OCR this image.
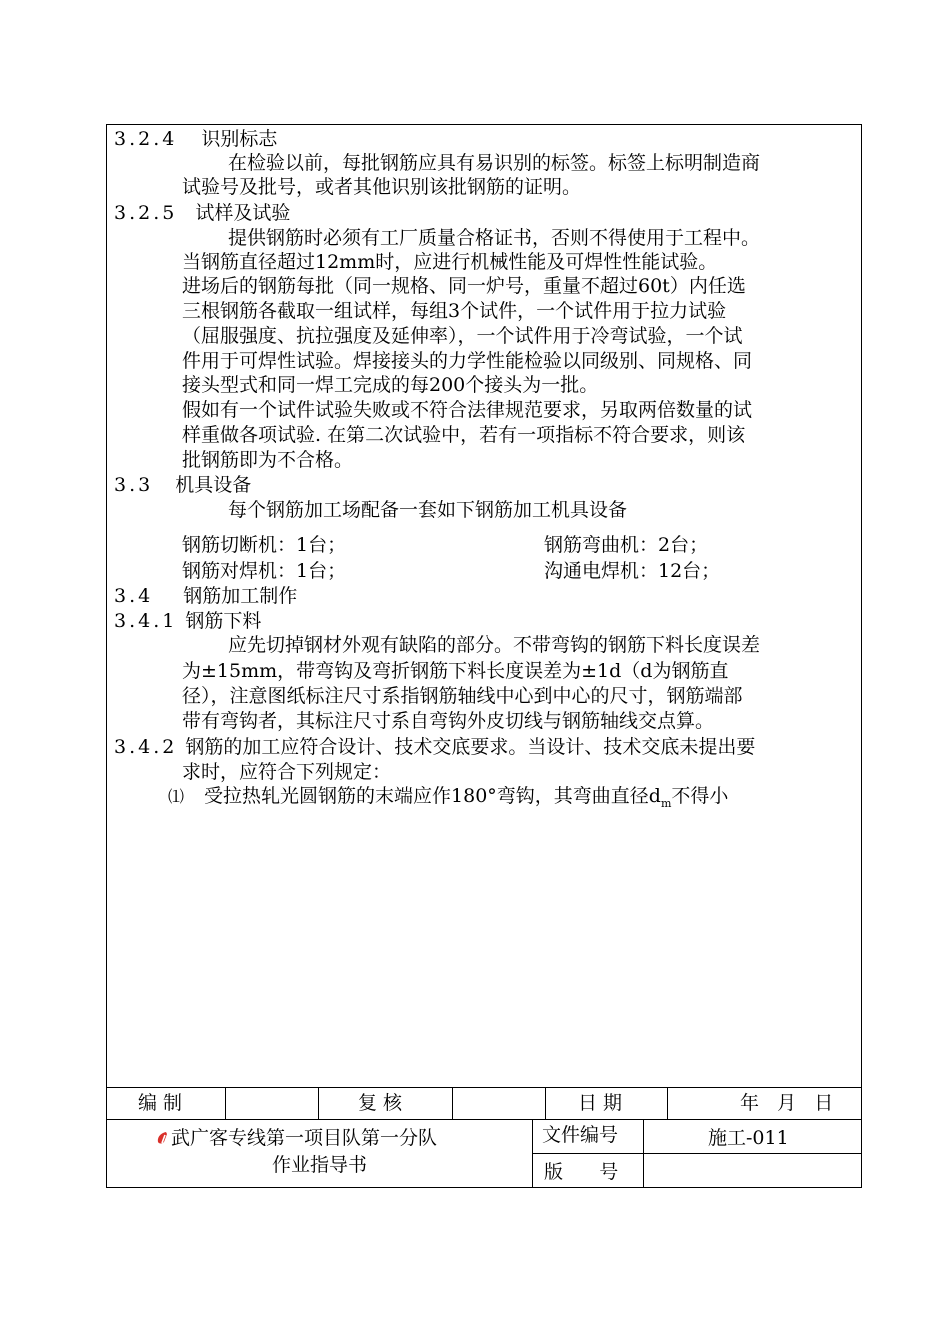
3.2.4 识别标志
在检验以前，每批钢筋应具有易识别的标签。标签上标明制造商
试验号及批号，或者其他识别该批钢筋的证明。
3.2.5 试样及试验
提供钢筋时必须有工厂质量合格证书，否则不得使用于工程中。
当钢筋直径超过12mm时，应进行机械性能及可焊性性能试验。
进场后的钢筋每批（同一规格、同一炉号，重量不超过60t）内任选
三根钢筋各截取一组试样，每组3个试件，一个试件用于拉力试验
（屈服强度、抗拉强度及延伸率），一个试件用于冷弯试验，一个试
件用于可焊性试验。焊接接头的力学性能检验以同级别、同规格、同
接头型式和同一焊工完成的每200个接头为一批。
假如有一个试件试验失败或不符合法律规范要求，另取两倍数量的试
样重做各项试验. 在第二次试验中，若有一项指标不符合要求，则该
批钢筋即为不合格。
3.3 机具设备
每个钢筋加工场配备一套如下钢筋加工机具设备
钢筋切断机：1台；	钢筋弯曲机：2台；
钢筋对焊机：1台；	沟通电焊机：12台；
3.4 钢筋加工制作
3.4.1 钢筋下料
应先切掉钢材外观有缺陷的部分。不带弯钩的钢筋下料长度误差
为±15mm，带弯钩及弯折钢筋下料长度误差为±1d（d为钢筋直
径），注意图纸标注尺寸系指钢筋轴线中心到中心的尺寸，钢筋端部
带有弯钩者，其标注尺寸系自弯钩外皮切线与钢筋轴线交点算。
3.4.2 钢筋的加工应符合设计、技术交底要求。当设计、技术交底未提出要
求时，应符合下列规定：
⑴ 受拉热轧光圆钢筋的末端应作180°弯钩，其弯曲直径$d_m$不得小
编 制	复 核	日 期	年   月   日
武广客专线第一项目队第一分队
作业指导书
文件编号	施工-011
版      号
